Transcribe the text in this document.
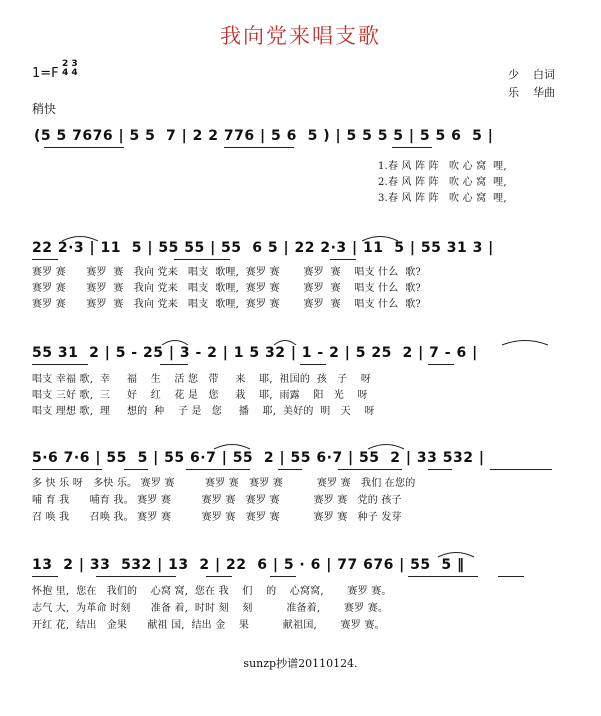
我向党来唱支歌
1=F
2 3
4 4	少    白词
乐    华曲
稍快
(5 5 7676 | 5 5  7 | 2 2 776 | 5 6  5 ) | 5 5 5 5 | 5 5 6  5 |
1.春 风 阵 阵   吹 心 窝  哩,
2.春 风 阵 阵   吹 心 窝  哩,
3.春 风 阵 阵   吹 心 窝  哩,
22 2·3 | 11  5 | 55 55 | 55  6 5 | 22 2·3 | 11  5 | 55 31 3 |
赛罗 赛      赛罗  赛   我向 党来   唱支  歌哩,  赛罗 赛       赛罗  赛    唱支 什么  歌?
赛罗 赛      赛罗  赛   我向 党来   唱支  歌哩,  赛罗 赛       赛罗  赛    唱支 什么  歌?
赛罗 赛      赛罗  赛   我向 党来   唱支  歌哩,  赛罗 赛       赛罗  赛    唱支 什么  歌?
55 31  2 | 5 - 25 | 3 - 2 | 1 5 32 | 1 - 2 | 5 25  2 | 7 - 6 |
唱支 幸福 歌,  幸     福    生    活 您   带     来    耶,  祖国的  孩   子    呀
唱支 三好 歌,  三     好    红    花 是   您     栽    耶,  雨露    阳   光    呀
唱支 理想 歌,  理     想的  种    子 是   您     播    耶,  美好的  明   天    呀
5·6 7·6 | 55  5 | 55 6·7 | 55  2 | 55 6·7 | 55  2 | 33 532 |
多 快 乐 呀   多快 乐。 赛罗 赛         赛罗 赛   赛罗 赛          赛罗 赛   我们 在您的
哺 育 我      哺育 我。 赛罗 赛         赛罗 赛   赛罗 赛          赛罗 赛   党的 孩子
召 唤 我      召唤 我。 赛罗 赛         赛罗 赛   赛罗 赛          赛罗 赛   种子 发芽
13  2 | 33  532 | 13  2 | 22  6 | 5 · 6 | 77 676 | 55  5 ‖
怀抱 里,  您在   我们的    心窝 窝,  您在 我    们    的    心窝窝,       赛罗 赛。
志气 大,  为革命 时刻      准备 着,  时时 刻    刻          准备着,       赛罗 赛。
开红 花,  结出   金果      献祖 国,  结出 金    果          献祖国,       赛罗 赛。
sunzp抄谱20110124.
